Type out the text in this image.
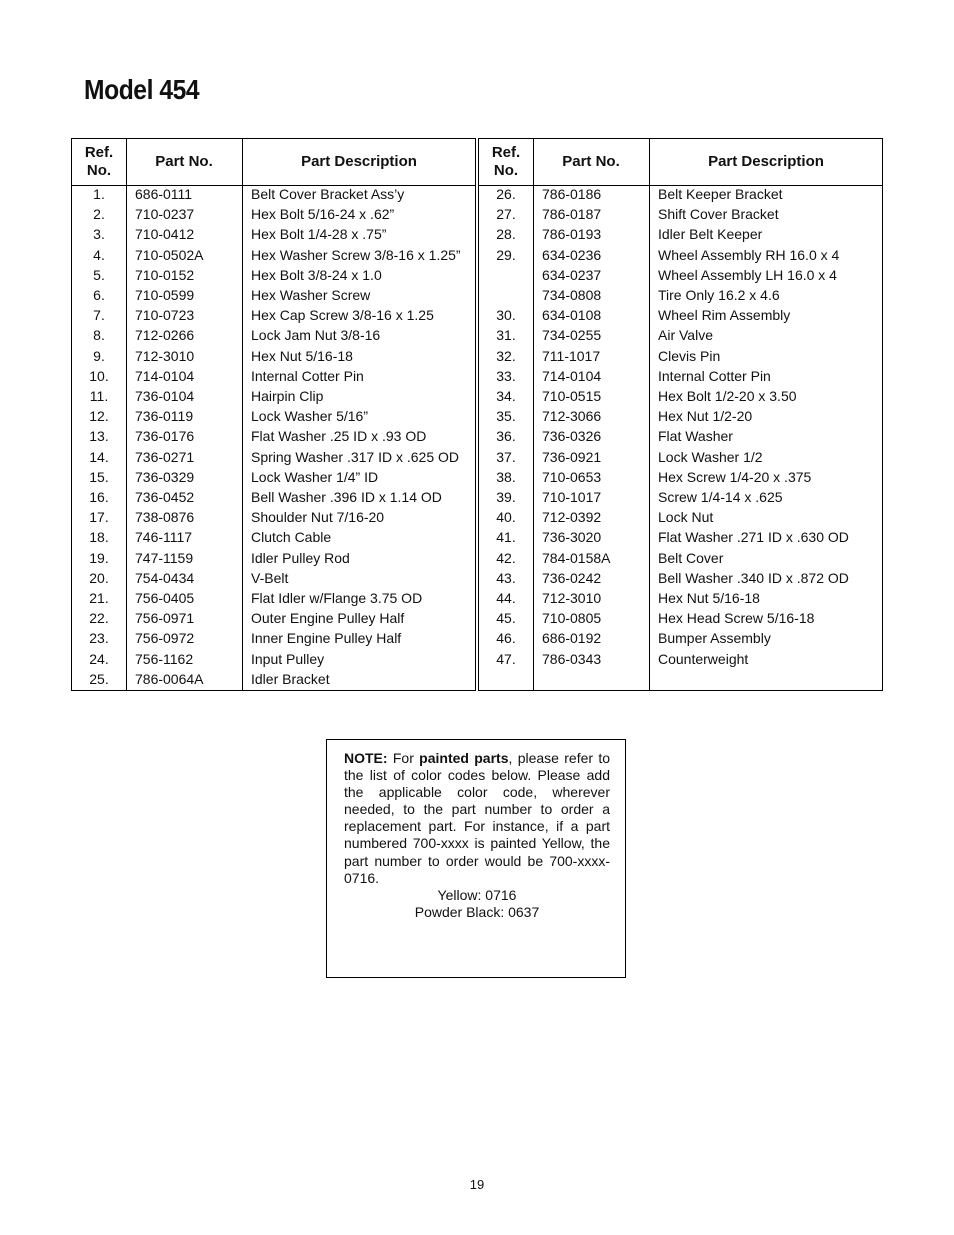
Model 454
Ref. No.
Part No.	Part Description
1.	686-0111	Belt Cover Bracket Ass’y
2.	710-0237	Hex Bolt 5/16-24 x .62”
3.	710-0412	Hex Bolt 1/4-28 x .75”
4.	710-0502A	Hex Washer Screw 3/8-16 x 1.25”
5.	710-0152	Hex Bolt 3/8-24 x 1.0
6.	710-0599	Hex Washer Screw
7.	710-0723	Hex Cap Screw 3/8-16 x 1.25
8.	712-0266	Lock Jam Nut 3/8-16
9.	712-3010	Hex Nut 5/16-18
10.	714-0104	Internal Cotter Pin
11.	736-0104	Hairpin Clip
12.	736-0119	Lock Washer 5/16”
13.	736-0176	Flat Washer .25 ID x .93 OD
14.	736-0271	Spring Washer .317 ID x .625 OD
15.	736-0329	Lock Washer 1/4” ID
16.	736-0452	Bell Washer .396 ID x 1.14 OD
17.	738-0876	Shoulder Nut 7/16-20
18.	746-1117	Clutch Cable
19.	747-1159	Idler Pulley Rod
20.	754-0434	V-Belt
21.	756-0405	Flat Idler w/Flange 3.75 OD
22.	756-0971	Outer Engine Pulley Half
23.	756-0972	Inner Engine Pulley Half
24.	756-1162	Input Pulley
25.	786-0064A	Idler Bracket
Ref. No.
Part No.	Part Description
26.	786-0186	Belt Keeper Bracket
27.	786-0187	Shift Cover Bracket
28.	786-0193	Idler Belt Keeper
29.	634-0236	Wheel Assembly RH 16.0 x 4
634-0237	Wheel Assembly LH 16.0 x 4
734-0808	Tire Only 16.2 x 4.6
30.	634-0108	Wheel Rim Assembly
31.	734-0255	Air Valve
32.	711-1017	Clevis Pin
33.	714-0104	Internal Cotter Pin
34.	710-0515	Hex Bolt 1/2-20 x 3.50
35.	712-3066	Hex Nut 1/2-20
36.	736-0326	Flat Washer
37.	736-0921	Lock Washer 1/2
38.	710-0653	Hex Screw 1/4-20 x .375
39.	710-1017	Screw 1/4-14 x .625
40.	712-0392	Lock Nut
41.	736-3020	Flat Washer .271 ID x .630 OD
42.	784-0158A	Belt Cover
43.	736-0242	Bell Washer .340 ID x .872 OD
44.	712-3010	Hex Nut 5/16-18
45.	710-0805	Hex Head Screw 5/16-18
46.	686-0192	Bumper Assembly
47.	786-0343	Counterweight
NOTE: For painted parts, please refer to the list of color codes below. Please add the applicable color code, wherever needed, to the part number to order a replacement part. For instance, if a part numbered 700-xxxx is painted Yellow, the part number to order would be 700-xxxx-0716.
Yellow: 0716
Powder Black: 0637
19
